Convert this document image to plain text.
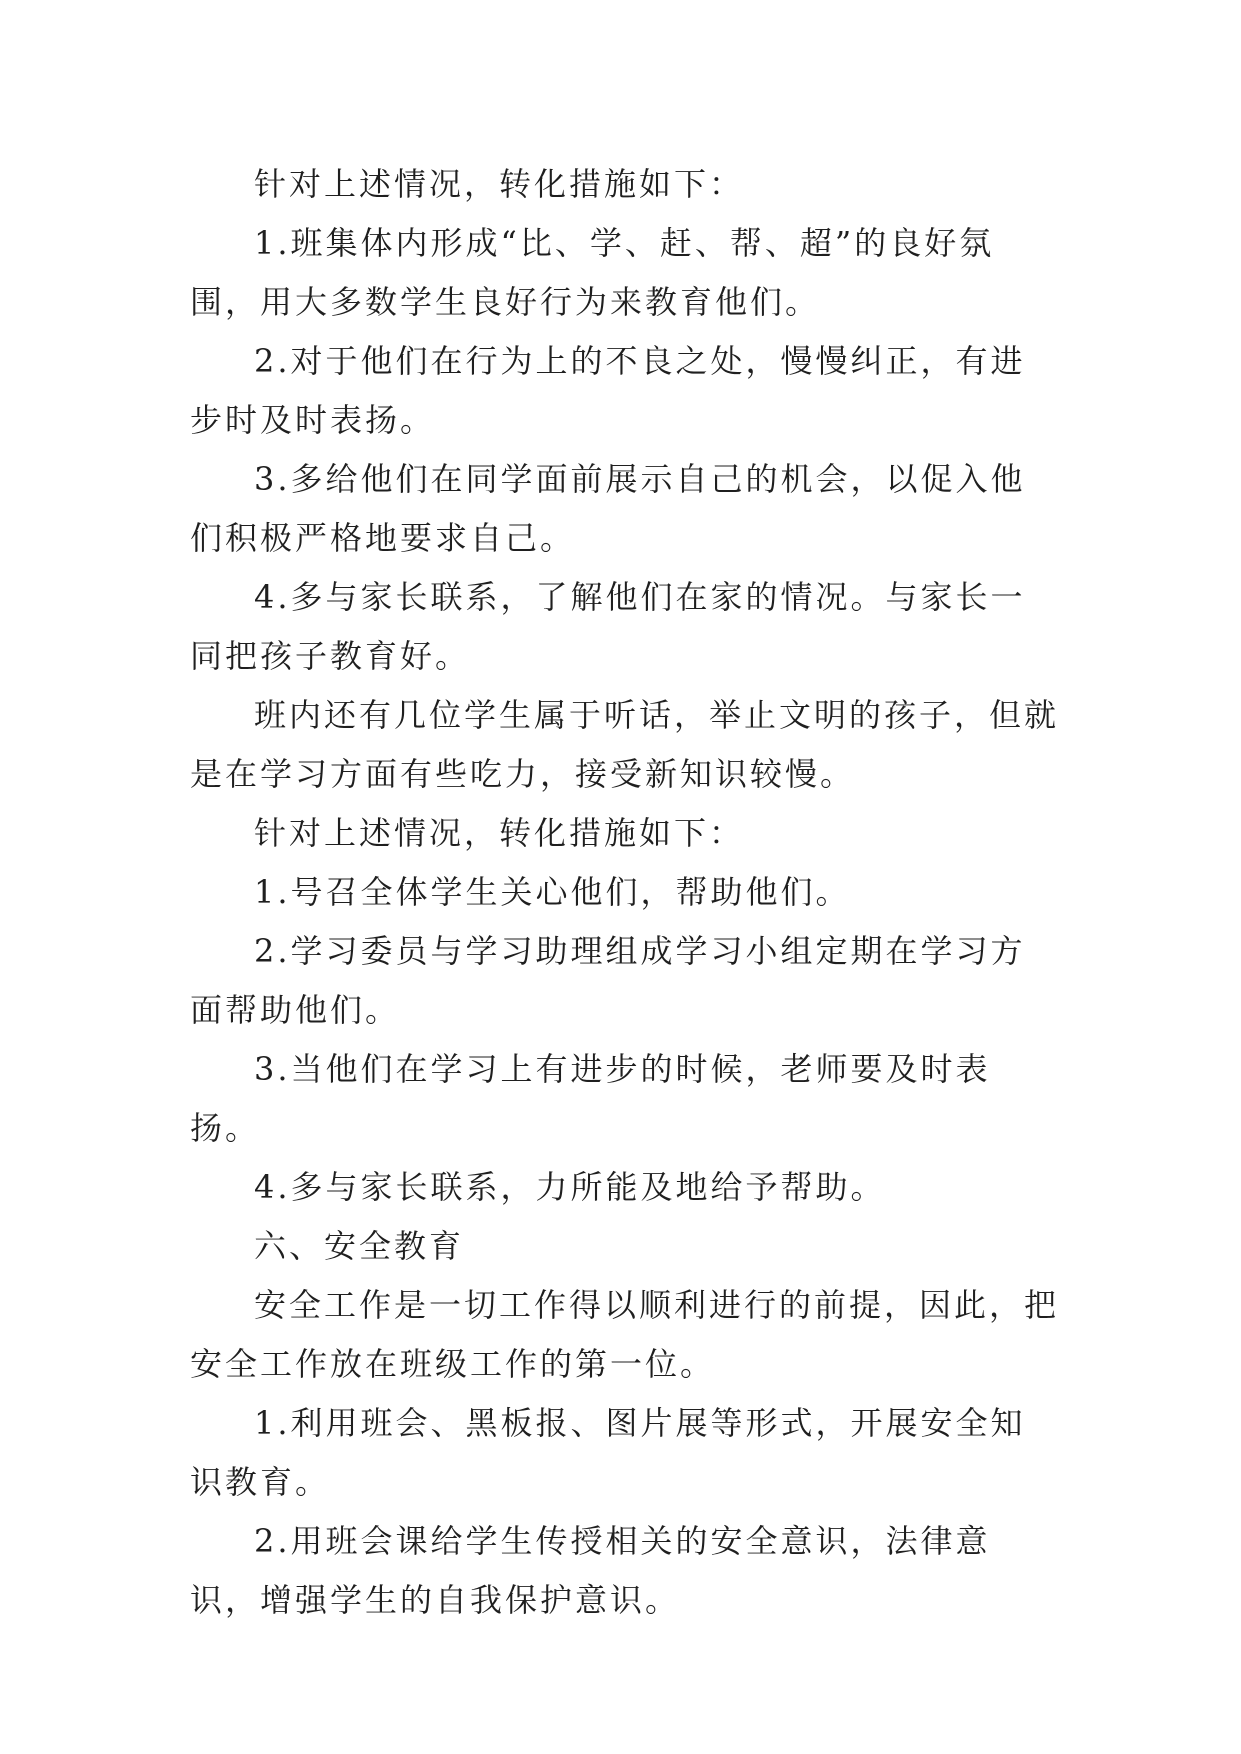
针对上述情况，转化措施如下：

1.班集体内形成“比、学、赶、帮、超”的良好氛围，用大多数学生良好行为来教育他们。

2.对于他们在行为上的不良之处，慢慢纠正，有进步时及时表扬。

3.多给他们在同学面前展示自己的机会，以促入他们积极严格地要求自己。

4.多与家长联系，了解他们在家的情况。与家长一同把孩子教育好。

班内还有几位学生属于听话，举止文明的孩子，但就是在学习方面有些吃力，接受新知识较慢。

针对上述情况，转化措施如下：

1.号召全体学生关心他们，帮助他们。

2.学习委员与学习助理组成学习小组定期在学习方面帮助他们。

3.当他们在学习上有进步的时候，老师要及时表扬。

4.多与家长联系，力所能及地给予帮助。

六、安全教育

安全工作是一切工作得以顺利进行的前提，因此，把安全工作放在班级工作的第一位。

1.利用班会、黑板报、图片展等形式，开展安全知识教育。

2.用班会课给学生传授相关的安全意识，法律意识，增强学生的自我保护意识。
